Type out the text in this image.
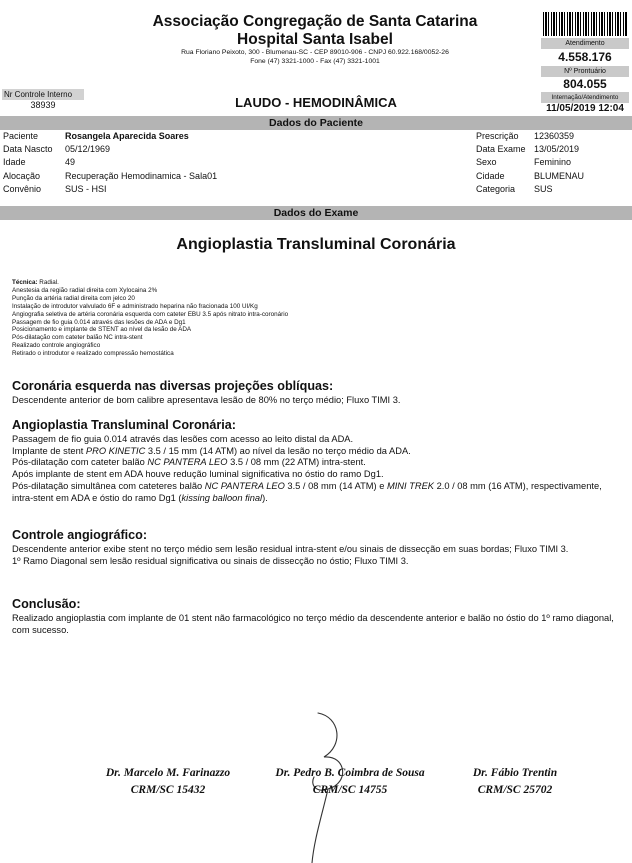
Associação Congregação de Santa Catarina
Hospital Santa Isabel
Rua Floriano Peixoto, 300 - Blumenau-SC - CEP 89010-906 - CNPJ 60.922.168/0052-26
Fone (47) 3321-1000 - Fax (47) 3321-1001
Atendimento
4.558.176
Nº Prontuário
804.055
Internação/Atendimento
11/05/2019 12:04
Nr Controle Interno
38939	LAUDO - HEMODINÂMICA
Dados do Paciente
Paciente	Rosangela Aparecida Soares
Data Nascto	05/12/1969
Idade	49
Alocação	Recuperação Hemodinamica - Sala01
Convênio	SUS - HSI
Prescrição	12360359
Data Exame	13/05/2019
Sexo	Feminino
Cidade	BLUMENAU
Categoria	SUS
Dados do Exame
Angioplastia Transluminal Coronária
Técnica: Radial.
Anestesia da região radial direita com Xylocaina 2%
Punção da artéria radial direita com jelco 20
Instalação de introdutor valvulado 6F e administrado heparina não fracionada 100 UI/Kg
Angiografia seletiva de artéria coronária esquerda com cateter EBU 3.5 após nitrato intra-coronário
Passagem de fio guia 0.014 através das lesões de ADA e Dg1
Posicionamento e implante de STENT ao nível da lesão de ADA
Pós-dilatação com cateter balão NC intra-stent
Realizado controle angiográfico
Retirado o introdutor e realizado compressão hemostática
Coronária esquerda nas diversas projeções oblíquas:
Descendente anterior de bom calibre apresentava lesão de 80% no terço médio; Fluxo TIMI 3.
Angioplastia Transluminal Coronária:
Passagem de fio guia 0.014 através das lesões com acesso ao leito distal da ADA.
Implante de stent PRO KINETIC 3.5 / 15 mm (14 ATM) ao nível da lesão no terço médio da ADA.
Pós-dilatação com cateter balão NC PANTERA LEO 3.5 / 08 mm (22 ATM) intra-stent.
Após implante de stent em ADA houve redução luminal significativa no óstio do ramo Dg1.
Pós-dilatação simultânea com cateteres balão NC PANTERA LEO 3.5 / 08 mm (14 ATM) e MINI TREK 2.0 / 08 mm (16 ATM), respectivamente, intra-stent em ADA e óstio do ramo Dg1 (kissing balloon final).
Controle angiográfico:
Descendente anterior exibe stent no terço médio sem lesão residual intra-stent e/ou sinais de dissecção em suas bordas; Fluxo TIMI 3.
1º Ramo Diagonal sem lesão residual significativa ou sinais de dissecção no óstio; Fluxo TIMI 3.
Conclusão:
Realizado angioplastia com implante de 01 stent não farmacológico no terço médio da descendente anterior e balão no óstio do 1º ramo diagonal, com sucesso.
Dr. Marcelo M. Farinazzo
CRM/SC 15432
Dr. Pedro B. Coimbra de Sousa
CRM/SC 14755
Dr. Fábio Trentin
CRM/SC 25702
